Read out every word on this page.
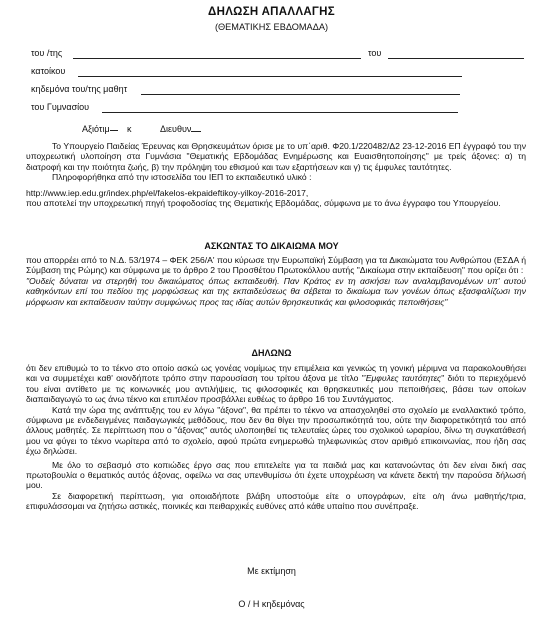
ΔΗΛΩΣΗ ΑΠΑΛΛΑΓΗΣ
(ΘΕΜΑΤΙΚΗΣ ΕΒΔΟΜΑΔΑ)
του /της	του
κατοίκου
κηδεμόνα του/της μαθητ
του Γυμνασίου
Αξιότιμ	κ	Διευθυν

Το Υπουργείο Παιδείας Έρευνας και Θρησκευμάτων όρισε με το υπ΄αριθ. Φ20.1/220482/Δ2 23-12-2016 ΕΠ έγγραφό του την υποχρεωτική υλοποίηση στα Γυμνάσια "Θεματικής Εβδομάδας Ενημέρωσης και Ευαισθητοποίησης" με τρείς άξονες: α) τη διατροφή και την ποιότητα ζωής, β) την πρόληψη του εθισμού και των εξαρτήσεων και γ) τις έμφυλες ταυτότητες.

Πληροφορήθηκα από την ιστοσελίδα του ΙΕΠ το εκπαιδευτικό υλικό :

http://www.iep.edu.gr/index.php/el/fakelos-ekpaideftikoy-yilkoy-2016-2017,

που αποτελεί την υποχρεωτική πηγή τροφοδοσίας της Θεματικής Εβδομάδας, σύμφωνα με το άνω έγγραφο του Υπουργείου.

ΑΣΚΩΝΤΑΣ ΤΟ ΔΙΚΑΙΩΜΑ ΜΟΥ

που απορρέει από το Ν.Δ. 53/1974 – ΦΕΚ 256/Α' που κύρωσε την Ευρωπαϊκή Σύμβαση για τα Δικαιώματα του Ανθρώπου (ΕΣΔΑ ή Σύμβαση της Ρώμης) και σύμφωνα με το άρθρο 2 του Προσθέτου Πρωτοκόλλου αυτής "Δικαίωμα στην εκπαίδευση" που ορίζει ότι :

"Ουδείς δύναται να στερηθή του δικαιώματος όπως εκπαιδευθή. Παν Κράτος εν τη ασκήσει των αναλαμβανομένων υπ' αυτού καθηκόντων επί του πεδίου της μορφώσεως και της εκπαιδεύσεως θα σέβεται το δικαίωμα των γονέων όπως εξασφαλίζωσι την μόρφωσιν και εκπαίδευσιν ταύτην συμφώνως προς τας ιδίας αυτών θρησκευτικάς και φιλοσοφικάς πεποιθήσεις"

ΔΗΛΩΝΩ

ότι δεν επιθυμώ το το τέκνο στο οποίο ασκώ ως γονέας νομίμως την επιμέλεια και γενικώς τη γονική μέριμνα να παρακολουθήσει και να συμμετέχει καθ' οιονδήποτε τρόπο στην παρουσίαση του τρίτου άξονα με τίτλο "Έμφυλες ταυτότητες" διότι το περιεχόμενό του είναι αντίθετο με τις κοινωνικές μου αντιλήψεις, τις φιλοσοφικές και θρησκευτικές μου πεποιθήσεις, βάσει των οποίων διαπαιδαγωγώ το ως άνω τέκνο και επιπλέον προσβάλλει ευθέως το άρθρο 16 του Συντάγματος.

Κατά την ώρα της ανάπτυξης του εν λόγω "άξονα", θα πρέπει το τέκνο να απασχοληθεί στο σχολείο με εναλλακτικό τρόπο, σύμφωνα με ενδεδειγμένες παιδαγωγικές μεθόδους, που δεν θα θίγει την προσωπικότητά του, ούτε την διαφορετικότητά του από άλλους μαθητές. Σε περίπτωση που ο "άξονας" αυτός υλοποιηθεί τις τελευταίες ώρες του σχολικού ωραρίου, δίνω τη συγκατάθεσή μου να φύγει το τέκνο νωρίτερα από το σχολείο, αφού πρώτα ενημερωθώ τηλεφωνικώς στον αριθμό επικοινωνίας, που ήδη σας έχω δηλώσει.

Με όλο το σεβασμό στο κοπιώδες έργο σας που επιτελείτε για τα παιδιά μας και κατανοώντας ότι δεν είναι δική σας πρωτοβουλία ο θεματικός αυτός άξονας, οφείλω να σας υπενθυμίσω ότι έχετε υποχρέωση να κάνετε δεκτή την παρούσα δήλωσή μου.

Σε διαφορετική περίπτωση, για οποιαδήποτε βλάβη υποστούμε είτε ο υπογράφων, είτε ο/η άνω μαθητής/τρια, επιφυλάσσομαι να ζητήσω αστικές, ποινικές και πειθαρχικές ευθύνες από κάθε υπαίτιο που συνέπραξε.

Με εκτίμηση
Ο / Η κηδεμόνας
